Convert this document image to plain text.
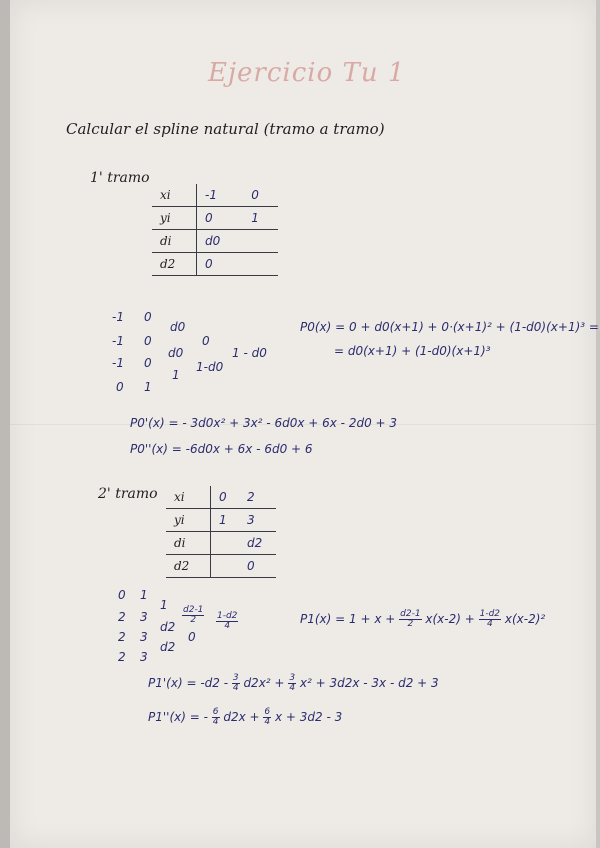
Ejercicio Tu 1
Calcular el spline natural (tramo a tramo)
1' tramo
xi	-1	0
yi	0	1
di	d0	
d2	0	
-1
-1
-1
0
0
0
0
1
d0
d0
1
0
1-d0
1 - d0
P0(x) = 0 + d0(x+1) + 0·(x+1)² + (1-d0)(x+1)³ =
= d0(x+1) + (1-d0)(x+1)³
P0'(x) = - 3d0x² + 3x² - 6d0x + 6x - 2d0 + 3
P0''(x) = -6d0x + 6x - 6d0 + 6
2' tramo xi	0	2
yi	1	3
di		d2
d2		0
0
2
2
2
1
3
3
3
1
d2
d2
$\frac{d2-1}{2}$
0
$\frac{1-d2}{4}$	$P1(x) = 1 + x + \frac{d2-1}{2} x(x-2) + \frac{1-d2}{4} x(x-2)^2$
$P1'(x) = -d2 - \frac{3}{4} d2x^2 + \frac{3}{4} x^2 + 3d2x - 3x - d2 + 3$
P1''(x) = - $\frac{6}{4} d2x + \frac{6}{4}$ x + 3d2 - 3
